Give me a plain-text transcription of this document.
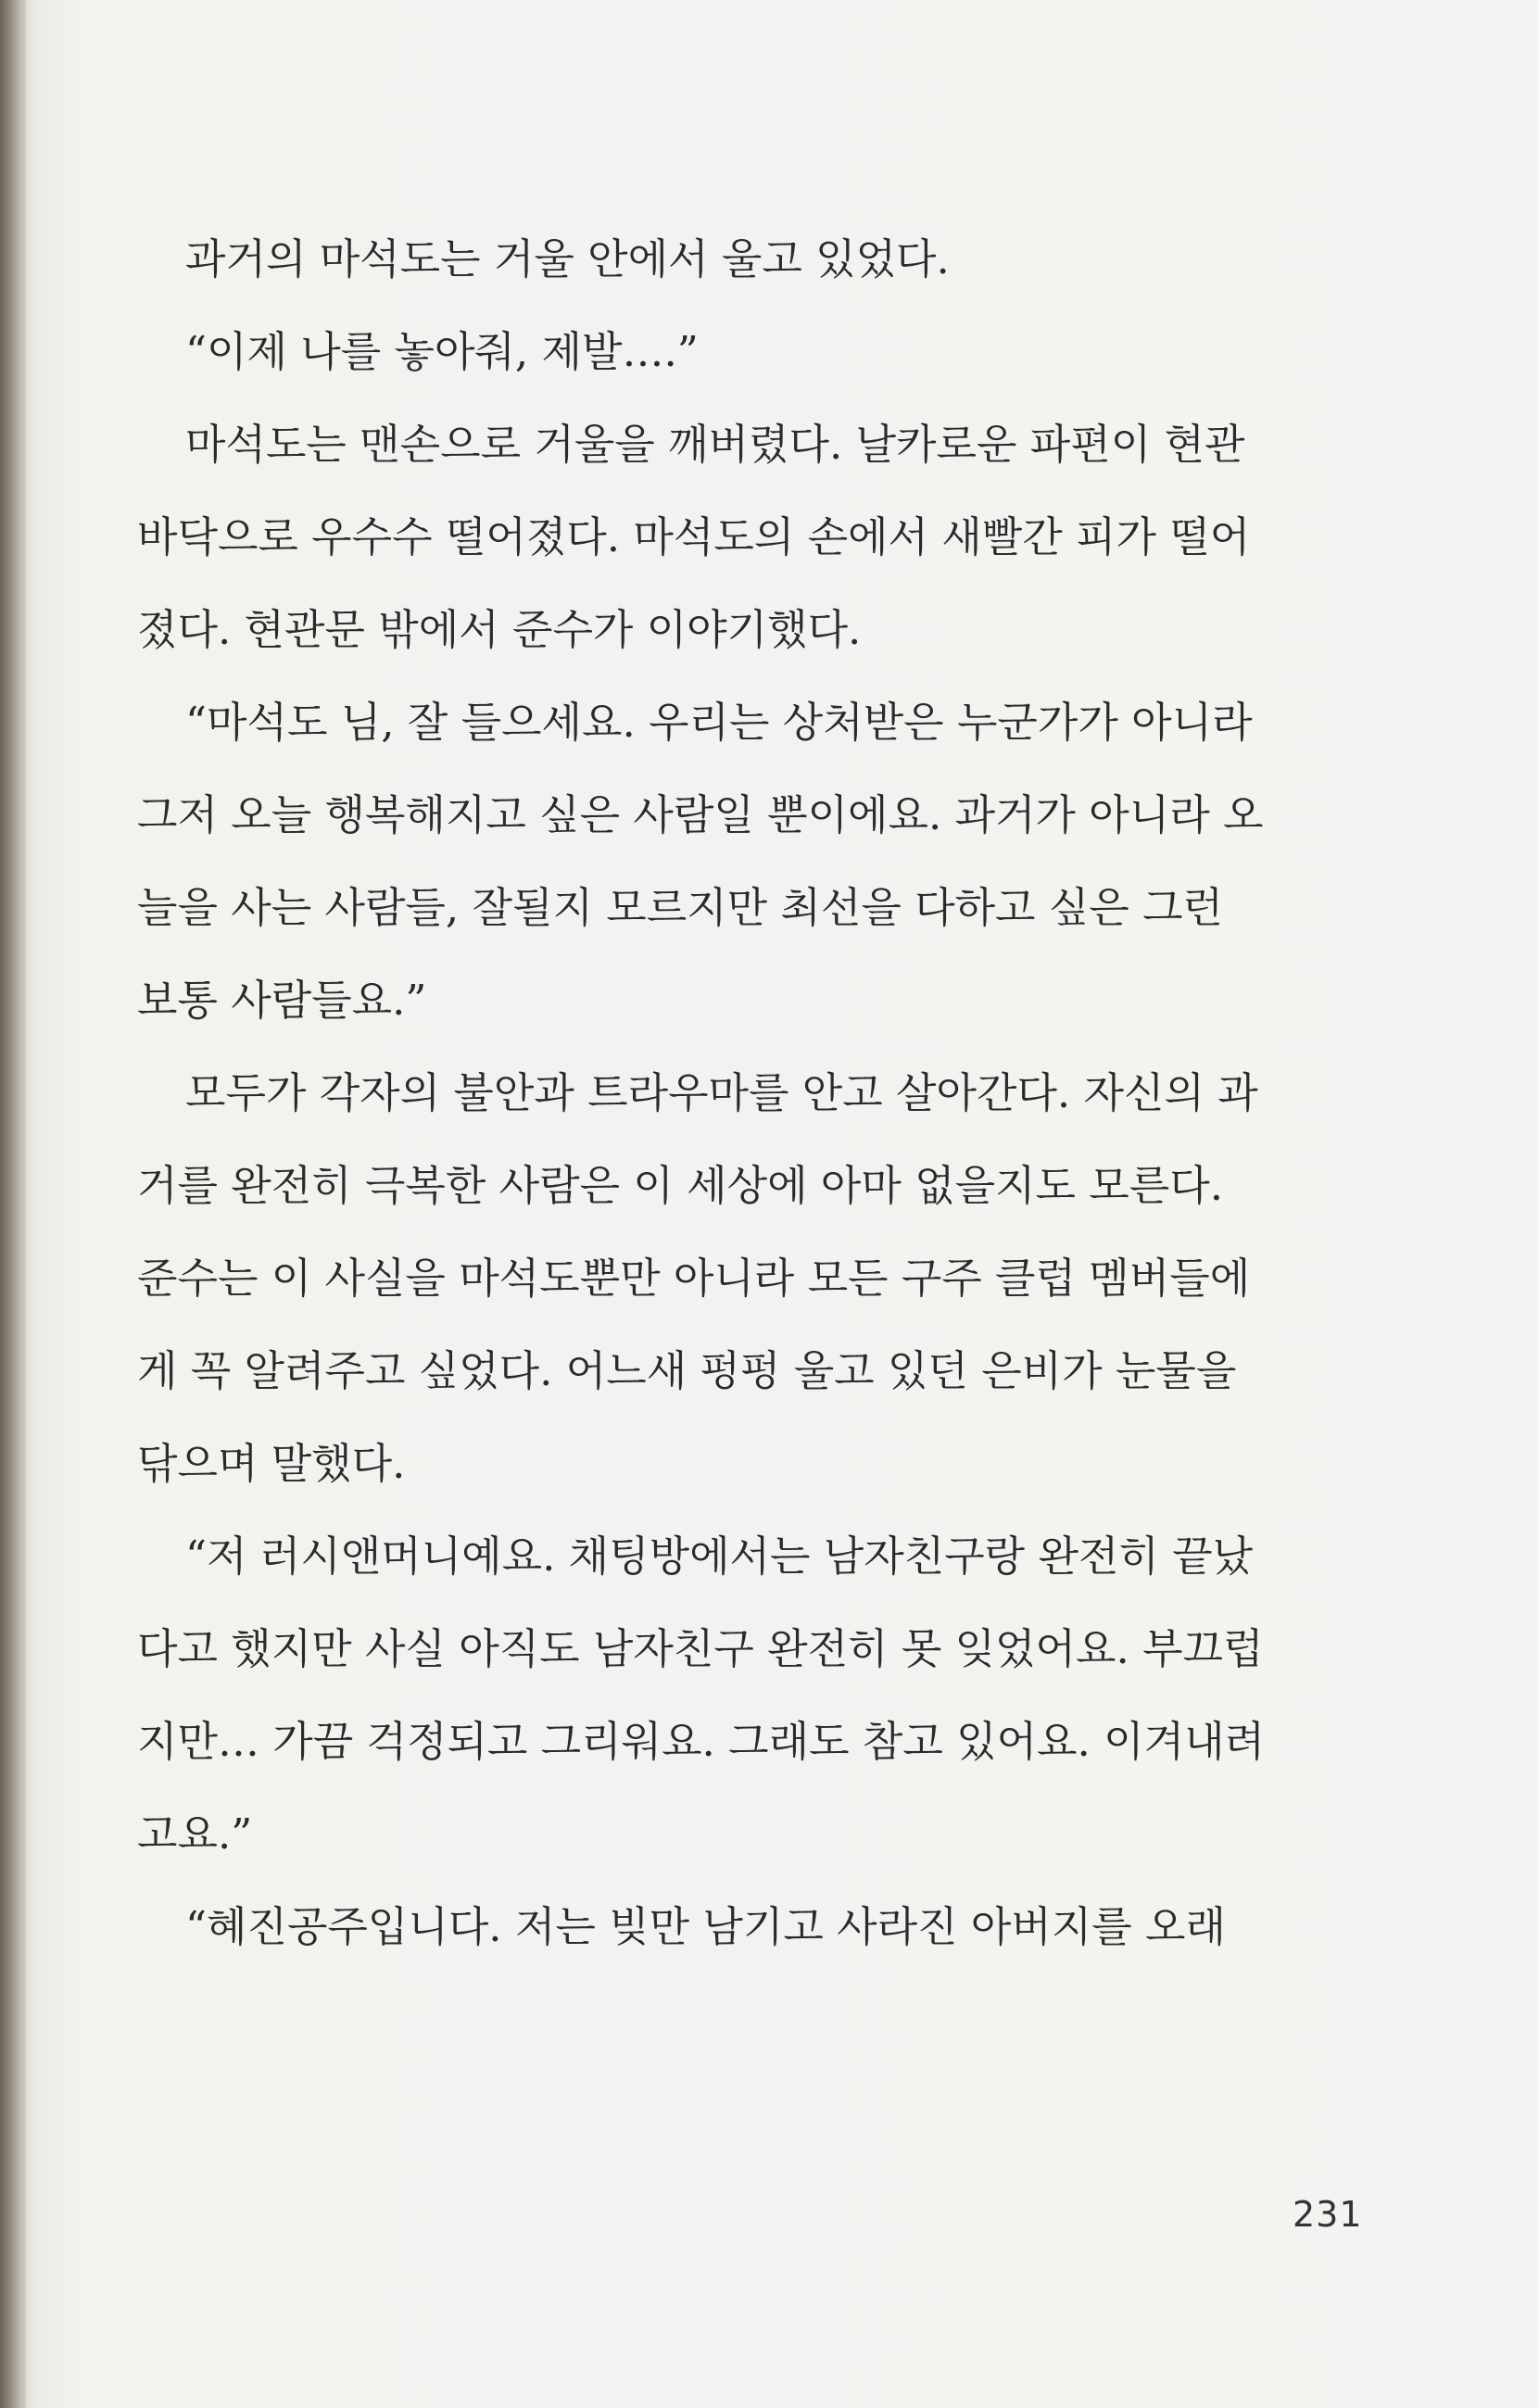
과거의 마석도는 거울 안에서 울고 있었다.
“이제 나를 놓아줘, 제발….”
마석도는 맨손으로 거울을 깨버렸다. 날카로운 파편이 현관
바닥으로 우수수 떨어졌다. 마석도의 손에서 새빨간 피가 떨어
졌다. 현관문 밖에서 준수가 이야기했다.
“마석도 님, 잘 들으세요. 우리는 상처받은 누군가가 아니라
그저 오늘 행복해지고 싶은 사람일 뿐이에요. 과거가 아니라 오
늘을 사는 사람들, 잘될지 모르지만 최선을 다하고 싶은 그런
보통 사람들요.”
모두가 각자의 불안과 트라우마를 안고 살아간다. 자신의 과
거를 완전히 극복한 사람은 이 세상에 아마 없을지도 모른다.
준수는 이 사실을 마석도뿐만 아니라 모든 구주 클럽 멤버들에
게 꼭 알려주고 싶었다. 어느새 펑펑 울고 있던 은비가 눈물을
닦으며 말했다.
“저 러시앤머니예요. 채팅방에서는 남자친구랑 완전히 끝났
다고 했지만 사실 아직도 남자친구 완전히 못 잊었어요. 부끄럽
지만… 가끔 걱정되고 그리워요. 그래도 참고 있어요. 이겨내려
고요.”
“혜진공주입니다. 저는 빚만 남기고 사라진 아버지를 오래
231
